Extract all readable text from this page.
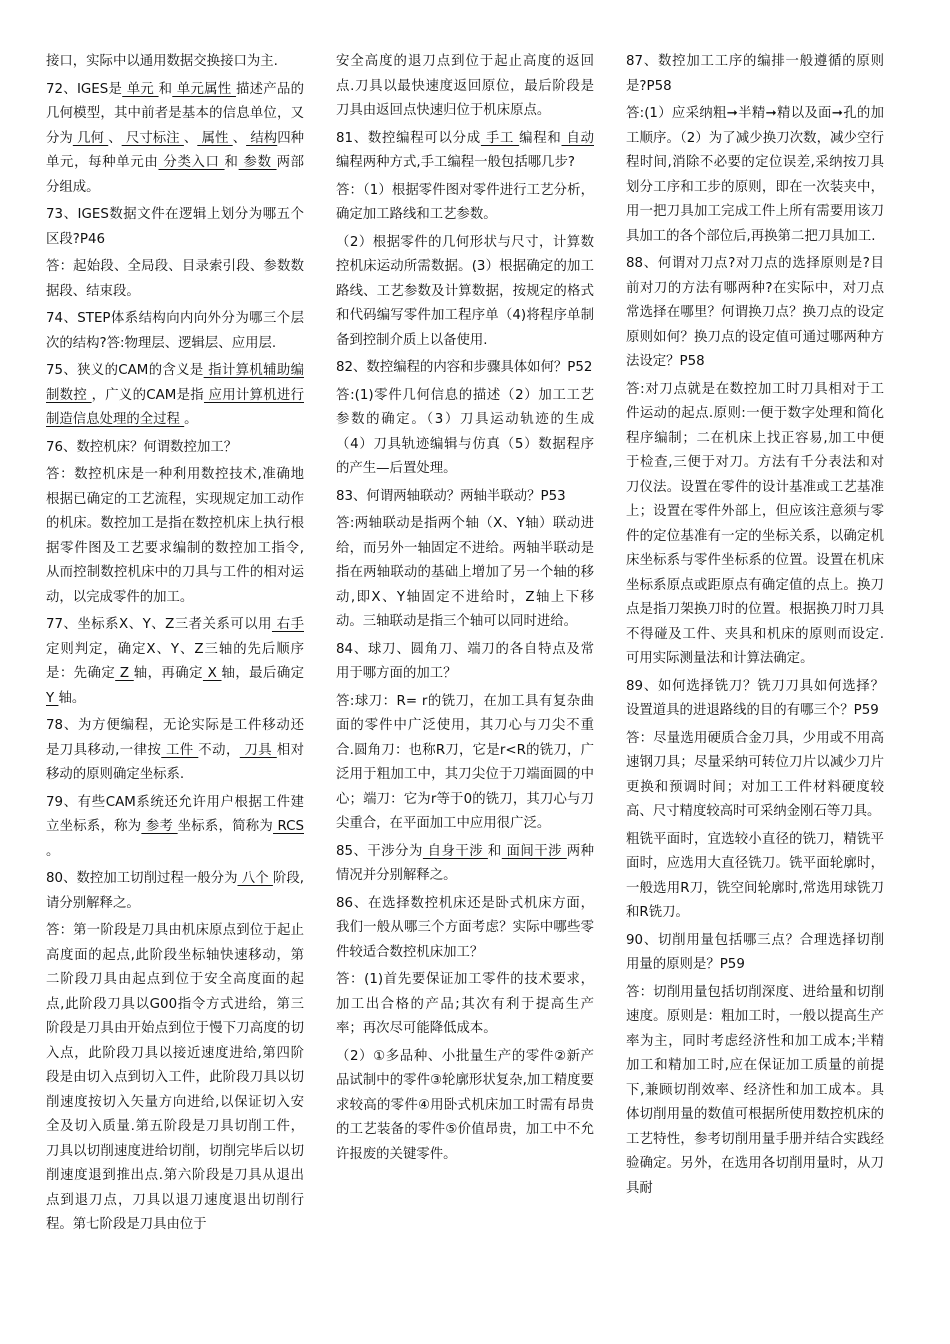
接口，实际中以通用数据交换接口为主.

72、IGES是 单元 和 单元属性 描述产品的几何模型，其中前者是基本的信息单位，又分为 几何 、 尺寸标注 、 属性 、 结构四种单元，每种单元由 分类入口 和 参数 两部分组成。

73、IGES数据文件在逻辑上划分为哪五个区段?P46

答：起始段、全局段、目录索引段、参数数据段、结束段。

74、STEP体系结构向内向外分为哪三个层次的结构?答:物理层、逻辑层、应用层.

75、狭义的CAM的含义是 指计算机辅助编制数控 ，广义的CAM是指 应用计算机进行制造信息处理的全过程 。

76、数控机床？何谓数控加工？

答：数控机床是一种利用数控技术,准确地根据已确定的工艺流程，实现规定加工动作的机床。数控加工是指在数控机床上执行根据零件图及工艺要求编制的数控加工指令,从而控制数控机床中的刀具与工件的相对运动，以完成零件的加工。

77、坐标系X、Y、Z三者关系可以用 右手 定则判定，确定X、Y、Z三轴的先后顺序是：先确定 Z 轴，再确定 X 轴，最后确定 Y 轴。

78、为方便编程，无论实际是工件移动还是刀具移动,一律按 工件 不动， 刀具 相对 移动的原则确定坐标系.

79、有些CAM系统还允许用户根据工件建立坐标系，称为 参考 坐标系，简称为 RCS 。

80、数控加工切削过程一般分为 八个 阶段,请分别解释之。

答：第一阶段是刀具由机床原点到位于起止高度面的起点,此阶段坐标轴快速移动，第二阶段刀具由起点到位于安全高度面的起点,此阶段刀具以G00指令方式进给，第三阶段是刀具由开始点到位于慢下刀高度的切入点，此阶段刀具以接近速度进给,第四阶段是由切入点到切入工件，此阶段刀具以切削速度按切入矢量方向进给,以保证切入安全及切入质量.第五阶段是刀具切削工件，刀具以切削速度进给切削，切削完毕后以切削速度退到推出点.第六阶段是刀具从退出点到退刀点，刀具以退刀速度退出切削行程。第七阶段是刀具由位于

安全高度的退刀点到位于起止高度的返回点.刀具以最快速度返回原位，最后阶段是刀具由返回点快速归位于机床原点。

81、数控编程可以分成 手工 编程和 自动 编程两种方式,手工编程一般包括哪几步?

答：（1）根据零件图对零件进行工艺分析，确定加工路线和工艺参数。

（2）根据零件的几何形状与尺寸，计算数控机床运动所需数据。(3）根据确定的加工路线、工艺参数及计算数据，按规定的格式和代码编写零件加工程序单（4)将程序单制备到控制介质上以备使用.

82、数控编程的内容和步骤具体如何？P52

答:(1)零件几何信息的描述（2）加工工艺参数的确定。（3）刀具运动轨迹的生成（4）刀具轨迹编辑与仿真（5）数据程序的产生—后置处理。

83、何谓两轴联动？两轴半联动？P53

答:两轴联动是指两个轴（X、Y轴）联动进给，而另外一轴固定不进给。两轴半联动是指在两轴联动的基础上增加了另一个轴的移动,即X、Y轴固定不进给时，Z轴上下移动。三轴联动是指三个轴可以同时进给。

84、球刀、圆角刀、端刀的各自特点及常用于哪方面的加工？

答:球刀：R= r的铣刀，在加工具有复杂曲面的零件中广泛使用，其刀心与刀尖不重合.圆角刀：也称R刀，它是r<R的铣刀，广泛用于粗加工中，其刀尖位于刀端面圆的中心；端刀：它为r等于0的铣刀，其刀心与刀尖重合，在平面加工中应用很广泛。

85、干涉分为 自身干涉 和 面间干涉 两种情况并分别解释之。

86、在选择数控机床还是卧式机床方面，我们一般从哪三个方面考虑？实际中哪些零件较适合数控机床加工？

答：(1)首先要保证加工零件的技术要求，加工出合格的产品;其次有利于提高生产率；再次尽可能降低成本。

（2）①多品种、小批量生产的零件②新产品试制中的零件③轮廓形状复杂,加工精度要求较高的零件④用卧式机床加工时需有昂贵的工艺装备的零件⑤价值昂贵，加工中不允许报废的关键零件。

87、数控加工工序的编排一般遵循的原则是?P58

答:(1）应采纳粗➞半精➞精以及面➞孔的加工顺序。（2）为了减少换刀次数，减少空行程时间,消除不必要的定位误差,采纳按刀具划分工序和工步的原则，即在一次装夹中，用一把刀具加工完成工件上所有需要用该刀具加工的各个部位后,再换第二把刀具加工.

88、何谓对刀点?对刀点的选择原则是?目前对刀的方法有哪两种?在实际中，对刀点常选择在哪里？何谓换刀点？换刀点的设定原则如何？换刀点的设定值可通过哪两种方法设定？P58

答:对刀点就是在数控加工时刀具相对于工件运动的起点.原则:一便于数字处理和简化程序编制；二在机床上找正容易,加工中便于检查,三便于对刀。方法有千分表法和对刀仪法。设置在零件的设计基准或工艺基准上；设置在零件外部上，但应该注意须与零件的定位基准有一定的坐标关系，以确定机床坐标系与零件坐标系的位置。设置在机床坐标系原点或距原点有确定值的点上。换刀点是指刀架换刀时的位置。根据换刀时刀具不得碰及工件、夹具和机床的原则而设定.可用实际测量法和计算法确定。

89、如何选择铣刀？铣刀刀具如何选择？设置道具的进退路线的目的有哪三个？P59

答：尽量选用硬质合金刀具，少用或不用高速钢刀具；尽量采纳可转位刀片以减少刀片更换和预调时间；对加工工件材料硬度较高、尺寸精度较高时可采纳金刚石等刀具。

粗铣平面时，宜选较小直径的铣刀，精铣平面时，应选用大直径铣刀。铣平面轮廓时，一般选用R刀，铣空间轮廓时,常选用球铣刀和R铣刀。

90、切削用量包括哪三点？合理选择切削用量的原则是？P59

答：切削用量包括切削深度、进给量和切削速度。原则是：粗加工时，一般以提高生产率为主，同时考虑经济性和加工成本;半精加工和精加工时,应在保证加工质量的前提下,兼顾切削效率、经济性和加工成本。具体切削用量的数值可根据所使用数控机床的工艺特性，参考切削用量手册并结合实践经验确定。另外，在选用各切削用量时，从刀具耐
